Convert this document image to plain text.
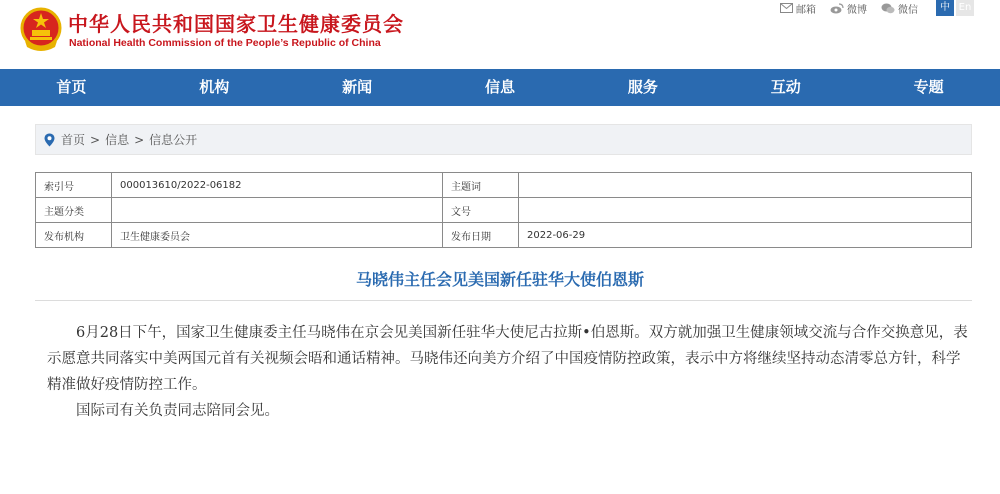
中华人民共和国国家卫生健康委员会
National Health Commission of the People’s Republic of China
邮箱	微博	微信	中 En
首页	机构	新闻	信息	服务	互动	专题
首页 > 信息 > 信息公开
索引号	000013610/2022-06182	主题词	
主题分类		文号	
发布机构	卫生健康委员会	发布日期	2022-06-29
马晓伟主任会见美国新任驻华大使伯恩斯

6月28日下午，国家卫生健康委主任马晓伟在京会见美国新任驻华大使尼古拉斯•伯恩斯。双方就加强卫生健康领域交流与合作交换意见，表示愿意共同落实中美两国元首有关视频会晤和通话精神。马晓伟还向美方介绍了中国疫情防控政策，表示中方将继续坚持动态清零总方针，科学精准做好疫情防控工作。

国际司有关负责同志陪同会见。
